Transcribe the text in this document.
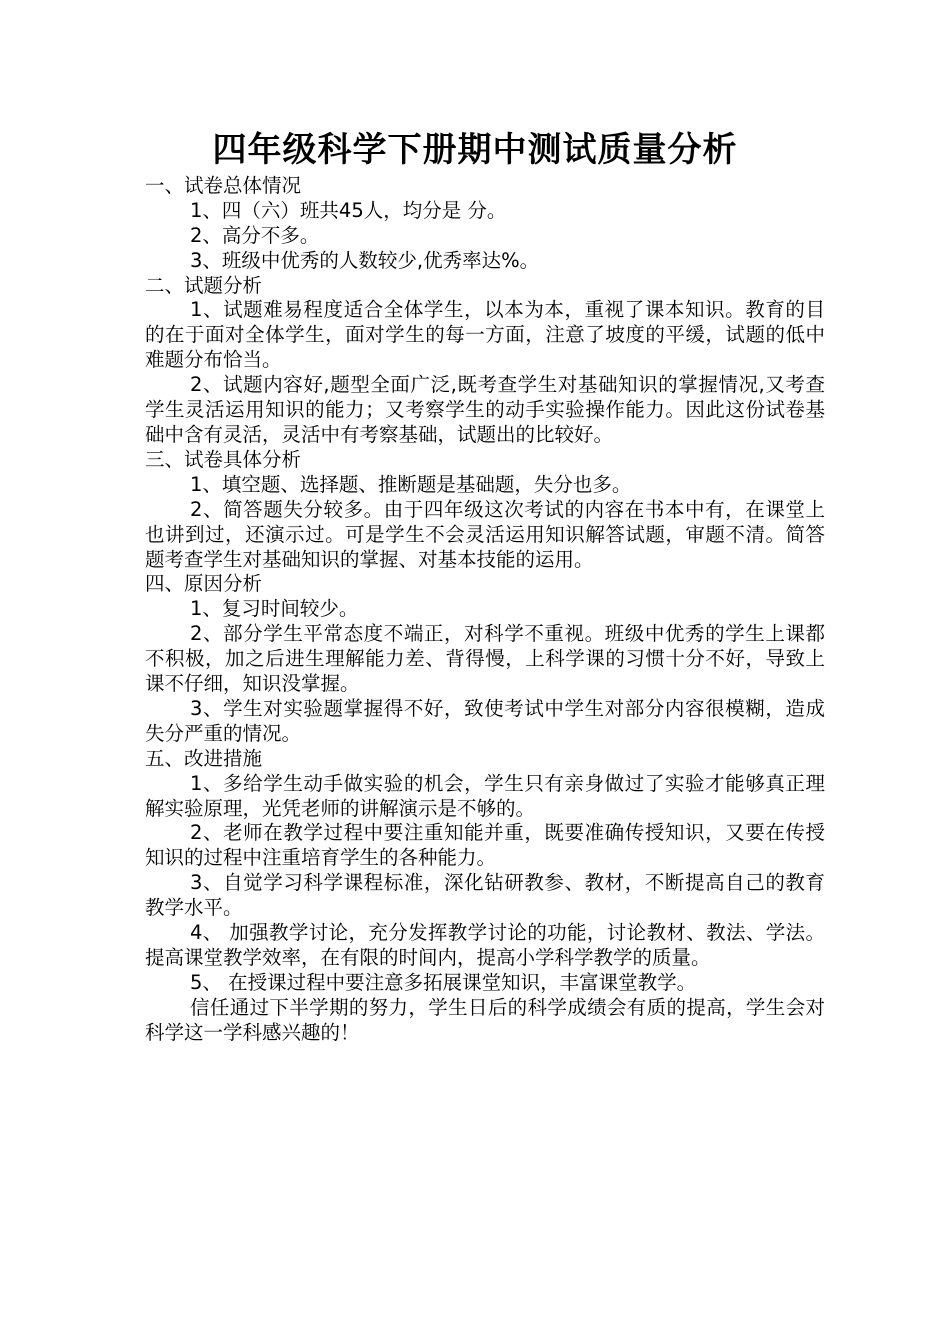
四年级科学下册期中测试质量分析
一、试卷总体情况
1、四（六）班共45人，均分是 分。
2、高分不多。
3、班级中优秀的人数较少,优秀率达%。
二、试题分析
1、试题难易程度适合全体学生，以本为本，重视了课本知识。教育的目的在于面对全体学生，面对学生的每一方面，注意了坡度的平缓，试题的低中难题分布恰当。
2、试题内容好,题型全面广泛,既考查学生对基础知识的掌握情况,又考查学生灵活运用知识的能力；又考察学生的动手实验操作能力。因此这份试卷基础中含有灵活，灵活中有考察基础，试题出的比较好。
三、试卷具体分析
1、填空题、选择题、推断题是基础题，失分也多。
2、简答题失分较多。由于四年级这次考试的内容在书本中有，在课堂上也讲到过，还演示过。可是学生不会灵活运用知识解答试题，审题不清。简答题考查学生对基础知识的掌握、对基本技能的运用。
四、原因分析
1、复习时间较少。
2、部分学生平常态度不端正，对科学不重视。班级中优秀的学生上课都不积极，加之后进生理解能力差、背得慢，上科学课的习惯十分不好，导致上课不仔细，知识没掌握。
3、学生对实验题掌握得不好，致使考试中学生对部分内容很模糊，造成失分严重的情况。
五、改进措施
1、多给学生动手做实验的机会，学生只有亲身做过了实验才能够真正理解实验原理，光凭老师的讲解演示是不够的。
2、老师在教学过程中要注重知能并重，既要准确传授知识，又要在传授知识的过程中注重培育学生的各种能力。
3、自觉学习科学课程标准，深化钻研教参、教材，不断提高自己的教育教学水平。
4、 加强教学讨论，充分发挥教学讨论的功能，讨论教材、教法、学法。提高课堂教学效率，在有限的时间内，提高小学科学教学的质量。
5、 在授课过程中要注意多拓展课堂知识，丰富课堂教学。
信任通过下半学期的努力，学生日后的科学成绩会有质的提高，学生会对科学这一学科感兴趣的！
